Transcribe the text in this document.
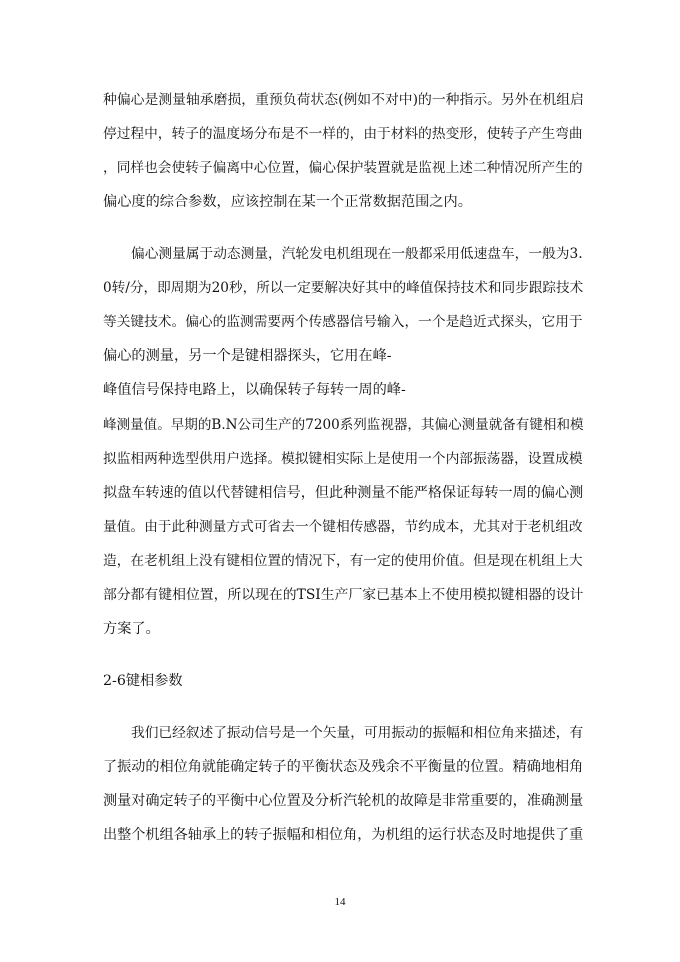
种偏心是测量轴承磨损，重预负荷状态(例如不对中)的一种指示。另外在机组启
停过程中，转子的温度场分布是不一样的，由于材料的热变形，使转子产生弯曲
，同样也会使转子偏离中心位置，偏心保护装置就是监视上述二种情况所产生的
偏心度的综合参数，应该控制在某一个正常数据范围之内。
偏心测量属于动态测量，汽轮发电机组现在一般都采用低速盘车，一般为3.
0转/分，即周期为20秒，所以一定要解决好其中的峰值保持技术和同步跟踪技术
等关键技术。偏心的监测需要两个传感器信号输入，一个是趋近式探头，它用于
偏心的测量，另一个是键相器探头，它用在峰-
峰值信号保持电路上，以确保转子每转一周的峰-
峰测量值。早期的B.N公司生产的7200系列监视器，其偏心测量就备有键相和模
拟监相两种选型供用户选择。模拟键相实际上是使用一个内部振荡器，设置成模
拟盘车转速的值以代替键相信号，但此种测量不能严格保证每转一周的偏心测
量值。由于此种测量方式可省去一个键相传感器，节约成本，尤其对于老机组改
造，在老机组上没有键相位置的情况下，有一定的使用价值。但是现在机组上大
部分都有键相位置，所以现在的TSI生产厂家已基本上不使用模拟键相器的设计
方案了。
2-6键相参数
我们已经叙述了振动信号是一个矢量，可用振动的振幅和相位角来描述，有
了振动的相位角就能确定转子的平衡状态及残余不平衡量的位置。精确地相角
测量对确定转子的平衡中心位置及分析汽轮机的故障是非常重要的，准确测量
出整个机组各轴承上的转子振幅和相位角，为机组的运行状态及时地提供了重
14
